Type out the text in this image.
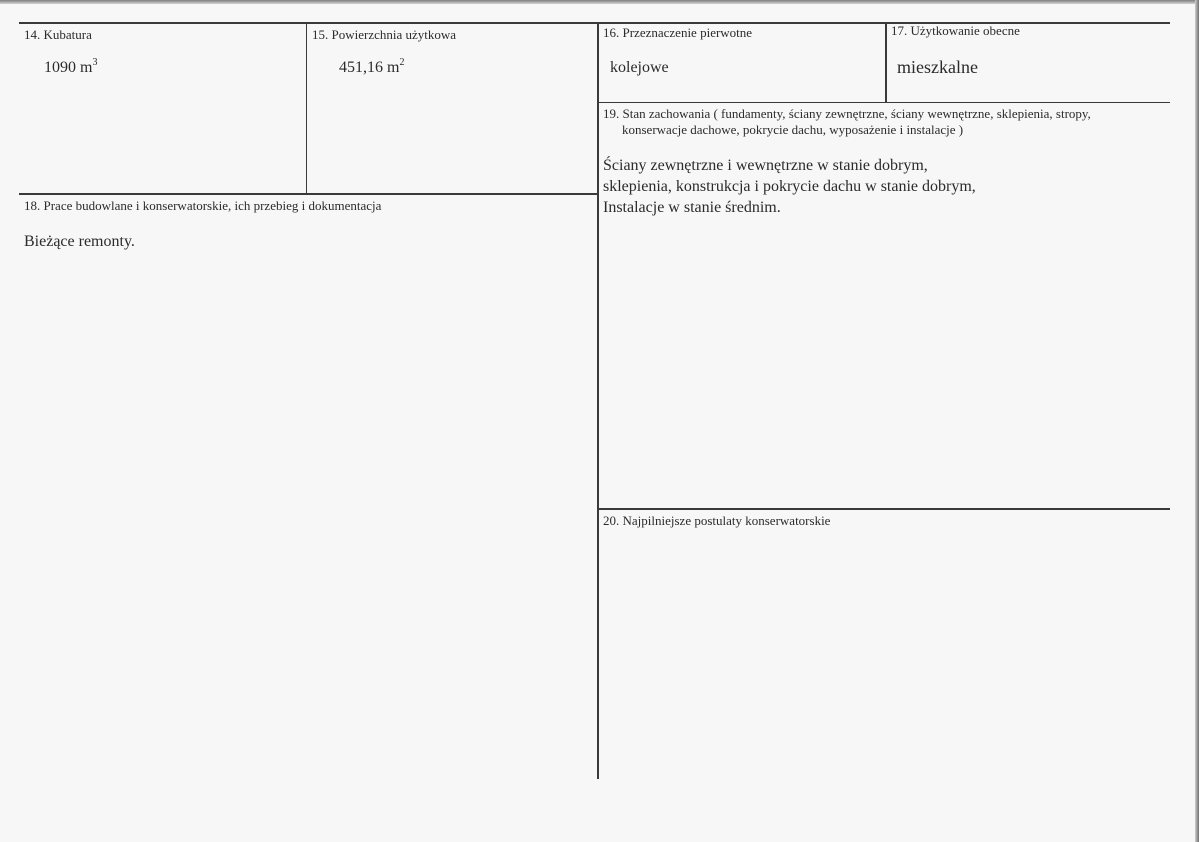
14. Kubatura
1090 $m^3$
15. Powierzchnia użytkowa
451,16 $m^2$
16. Przeznaczenie pierwotne
kolejowe
17. Użytkowanie obecne
mieszkalne
18. Prace budowlane i konserwatorskie, ich przebieg i dokumentacja
Bieżące remonty.
19. Stan zachowania ( fundamenty, ściany zewnętrzne, ściany wewnętrzne, sklepienia, stropy,
konserwacje dachowe, pokrycie dachu, wyposażenie i instalacje )
Ściany zewnętrzne i wewnętrzne w stanie dobrym,
sklepienia, konstrukcja i pokrycie dachu w stanie dobrym,
Instalacje w stanie średnim.
20. Najpilniejsze postulaty konserwatorskie
